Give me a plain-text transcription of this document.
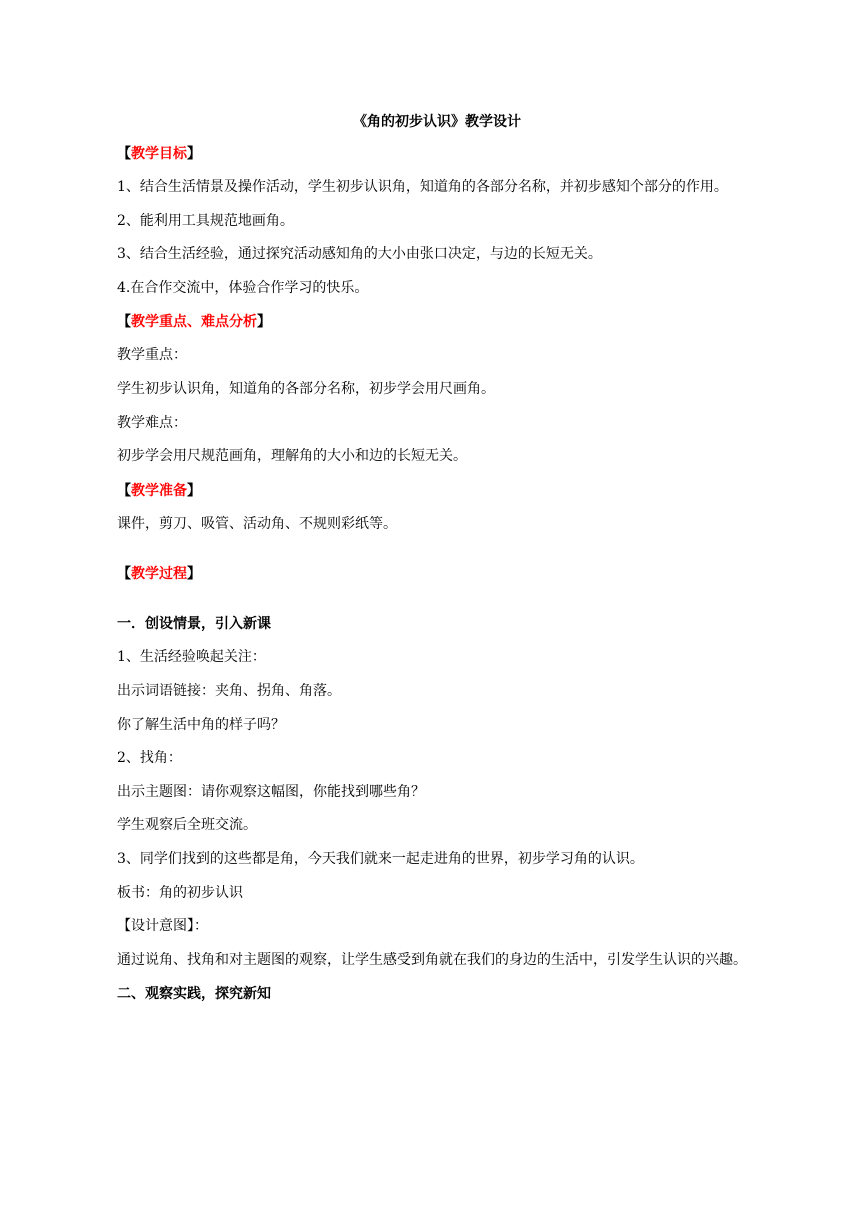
《角的初步认识》教学设计

【教学目标】

1、结合生活情景及操作活动，学生初步认识角，知道角的各部分名称，并初步感知个部分的作用。

2、能利用工具规范地画角。

3、结合生活经验，通过探究活动感知角的大小由张口决定，与边的长短无关。

4.在合作交流中，体验合作学习的快乐。

【教学重点、难点分析】

教学重点：

学生初步认识角，知道角的各部分名称，初步学会用尺画角。

教学难点：

初步学会用尺规范画角，理解角的大小和边的长短无关。

【教学准备】

课件，剪刀、吸管、活动角、不规则彩纸等。

【教学过程】

一．创设情景，引入新课

1、生活经验唤起关注：

出示词语链接：夹角、拐角、角落。

你了解生活中角的样子吗？

2、找角：

出示主题图：请你观察这幅图，你能找到哪些角？

学生观察后全班交流。

3、同学们找到的这些都是角，今天我们就来一起走进角的世界，初步学习角的认识。

板书：角的初步认识

【设计意图】：

通过说角、找角和对主题图的观察，让学生感受到角就在我们的身边的生活中，引发学生认识的兴趣。

二、观察实践，探究新知
